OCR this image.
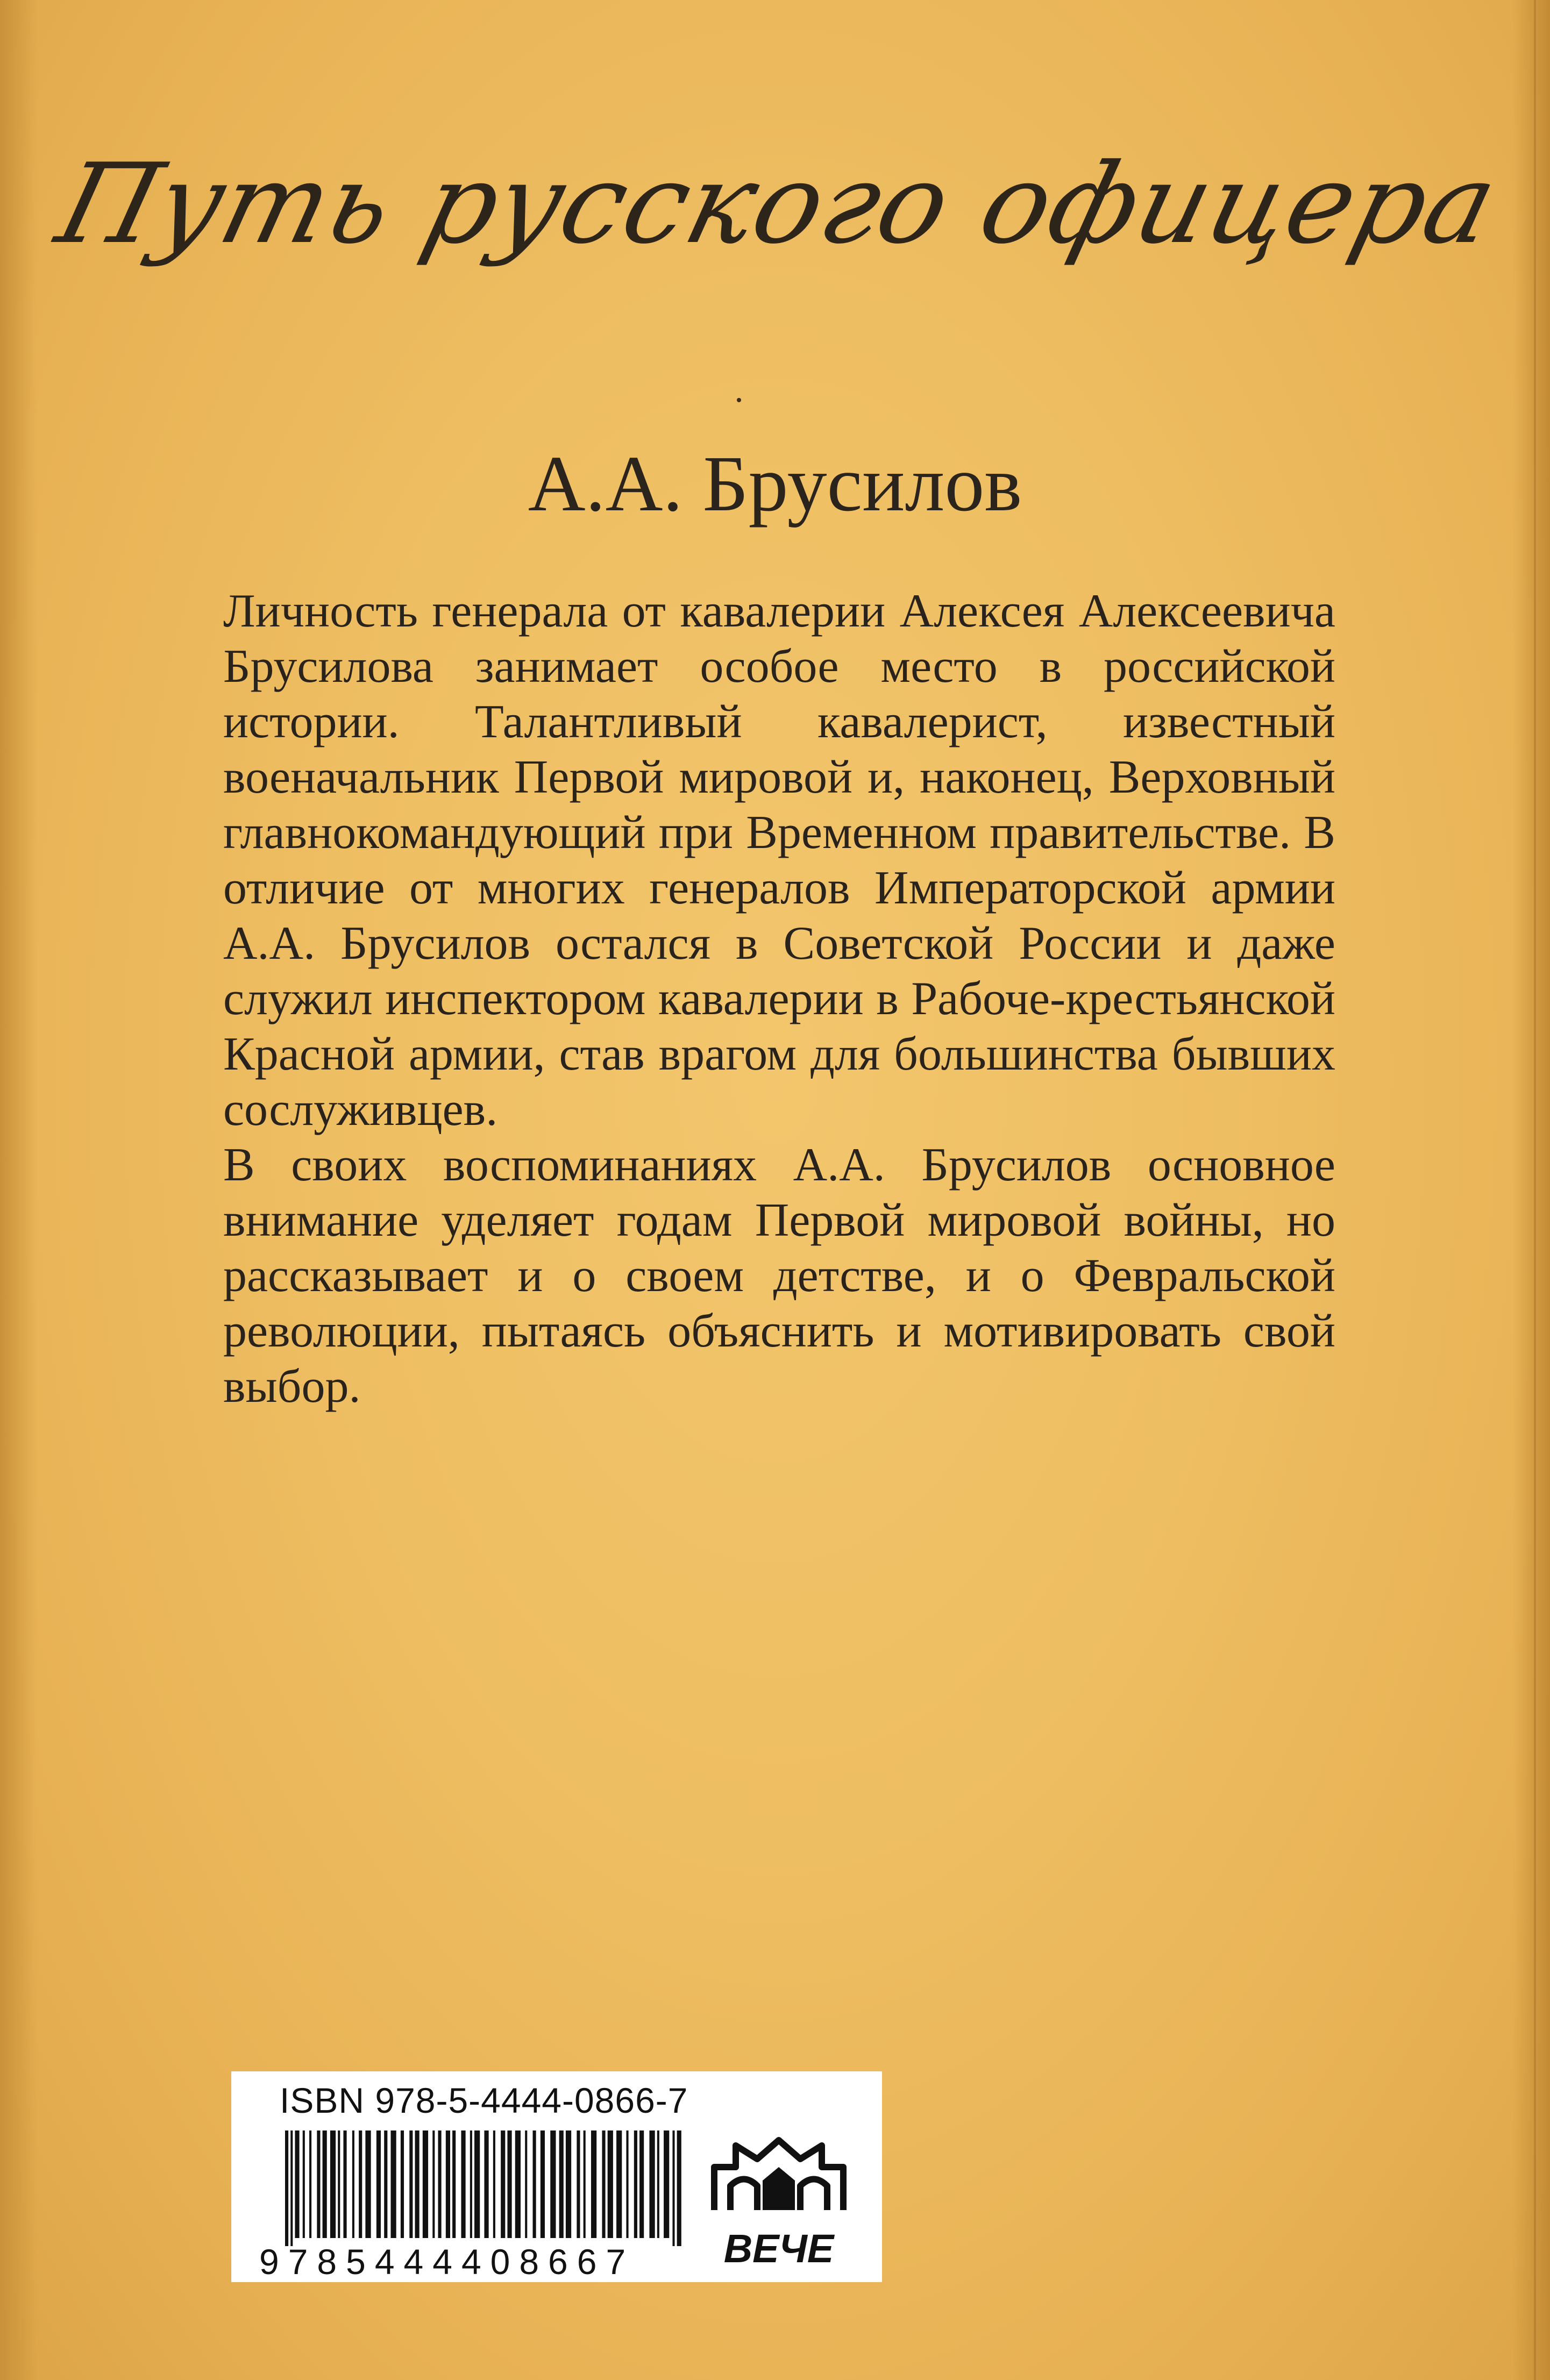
Путь русского офицера
А.А. Брусилов

Личность генерала от кавалерии Алексея Алексеевича Брусилова занимает особое место в российской истории. Талантливый кавалерист, известный военачальник Первой мировой и, наконец, Верховный главнокомандующий при Временном правительстве. В отличие от многих генералов Императорской армии А.А. Брусилов остался в Советской России и даже служил инспектором кавалерии в Рабоче-крестьянской Красной армии, став врагом для большинства бывших сослуживцев.

В своих воспоминаниях А.А. Брусилов основное внимание уделяет годам Первой мировой войны, но рассказывает и о своем детстве, и о Февральской революции, пытаясь объяснить и мотивировать свой выбор.

ISBN 978-5-4444-0866-7
9785444408667	ВЕЧЕ
